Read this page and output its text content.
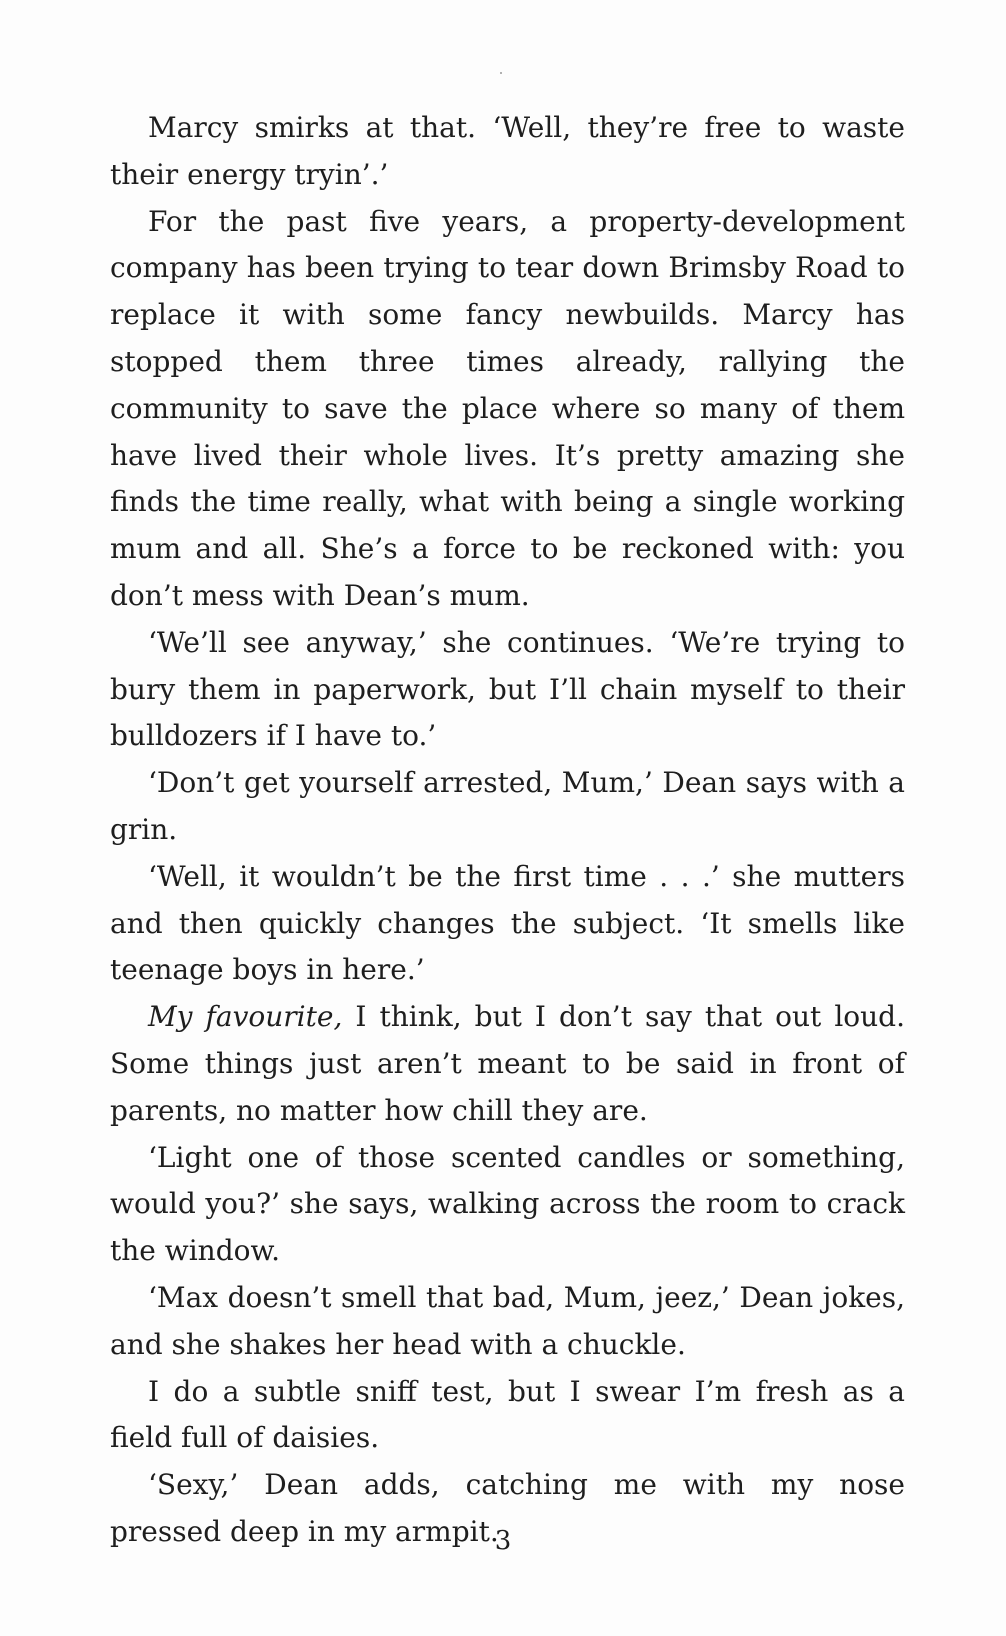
Marcy smirks at that. ‘Well, they’re free to waste their energy tryin’.’

For the past five years, a property-development company has been trying to tear down Brimsby Road to replace it with some fancy newbuilds. Marcy has stopped them three times already, rallying the community to save the place where so many of them have lived their whole lives. It’s pretty amazing she finds the time really, what with being a single working mum and all. She’s a force to be reckoned with: you don’t mess with Dean’s mum.

‘We’ll see anyway,’ she continues. ‘We’re trying to bury them in paperwork, but I’ll chain myself to their bulldozers if I have to.’

‘Don’t get yourself arrested, Mum,’ Dean says with a grin.

‘Well, it wouldn’t be the first time . . .’ she mutters and then quickly changes the subject. ‘It smells like teenage boys in here.’

My favourite, I think, but I don’t say that out loud. Some things just aren’t meant to be said in front of parents, no matter how chill they are.

‘Light one of those scented candles or something, would you?’ she says, walking across the room to crack the window.

‘Max doesn’t smell that bad, Mum, jeez,’ Dean jokes, and she shakes her head with a chuckle.

I do a subtle sniff test, but I swear I’m fresh as a field full of daisies.

‘Sexy,’ Dean adds, catching me with my nose pressed deep in my armpit.

3
